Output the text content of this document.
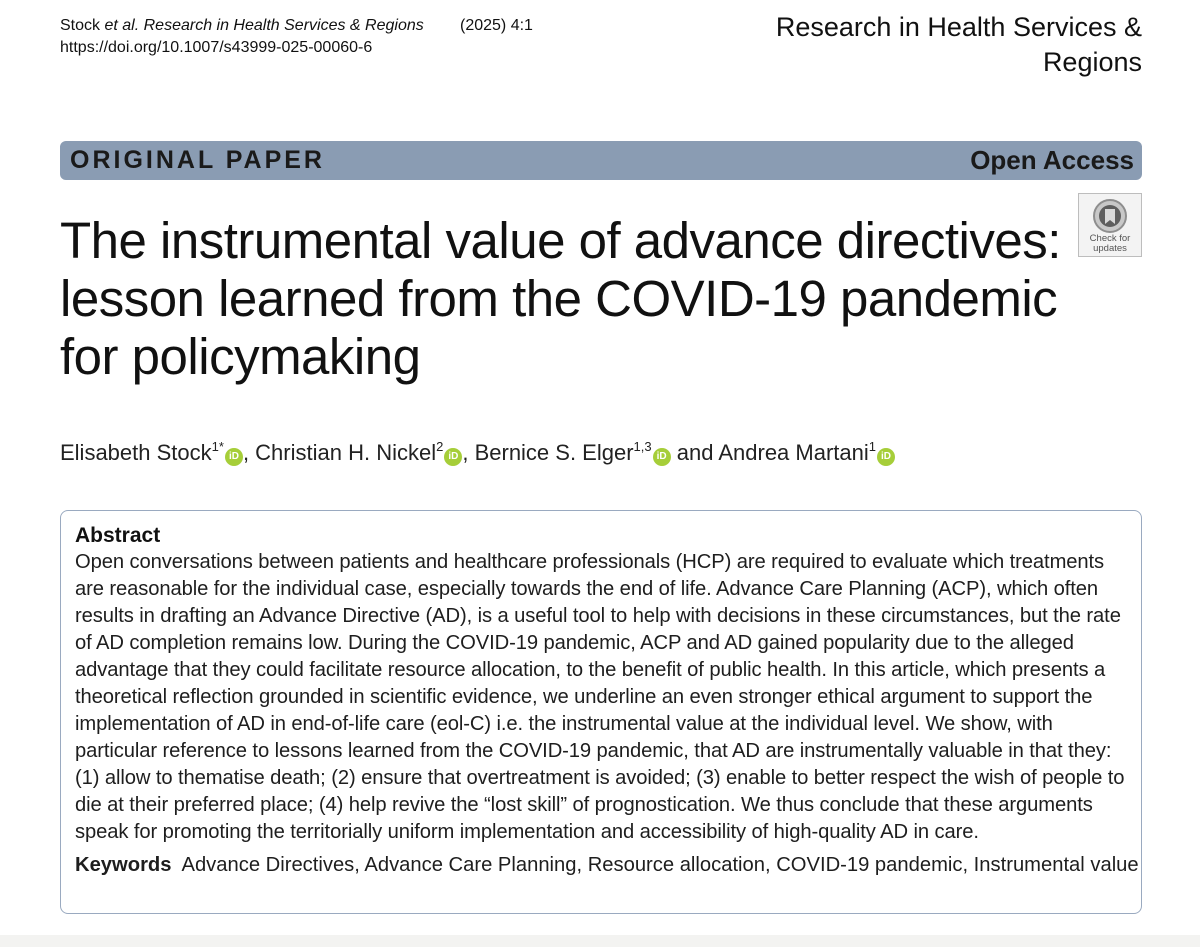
Stock et al. Research in Health Services & Regions
https://doi.org/10.1007/s43999-025-00060-6
(2025) 4:1	Research in Health Services & Regions
ORIGINAL PAPER	Open Access
Check for updates
The instrumental value of advance directives: lesson learned from the COVID-19 pandemic for policymaking
Elisabeth Stock$^{1*}$iD , Christian H. Nickel$^2$iD , Bernice S. Elger$^{1,3}$iD and Andrea Martani$^1$iD
Abstract
Open conversations between patients and healthcare professionals (HCP) are required to evaluate which treatments are reasonable for the individual case, especially towards the end of life. Advance Care Planning (ACP), which often results in drafting an Advance Directive (AD), is a useful tool to help with decisions in these circumstances, but the rate of AD completion remains low. During the COVID-19 pandemic, ACP and AD gained popularity due to the alleged advantage that they could facilitate resource allocation, to the benefit of public health. In this article, which presents a theoretical reflection grounded in scientific evidence, we underline an even stronger ethical argument to support the implementation of AD in end-of-life care (eol-C) i.e. the instrumental value at the individual level. We show, with particular reference to lessons learned from the COVID-19 pandemic, that AD are instrumentally valuable in that they: (1) allow to thematise death; (2) ensure that overtreatment is avoided; (3) enable to better respect the wish of people to die at their preferred place; (4) help revive the “lost skill” of prognostication. We thus conclude that these arguments speak for promoting the territorially uniform implementation and accessibility of high-quality AD in care.
Keywords Advance Directives, Advance Care Planning, Resource allocation, COVID-19 pandemic, Instrumental value
